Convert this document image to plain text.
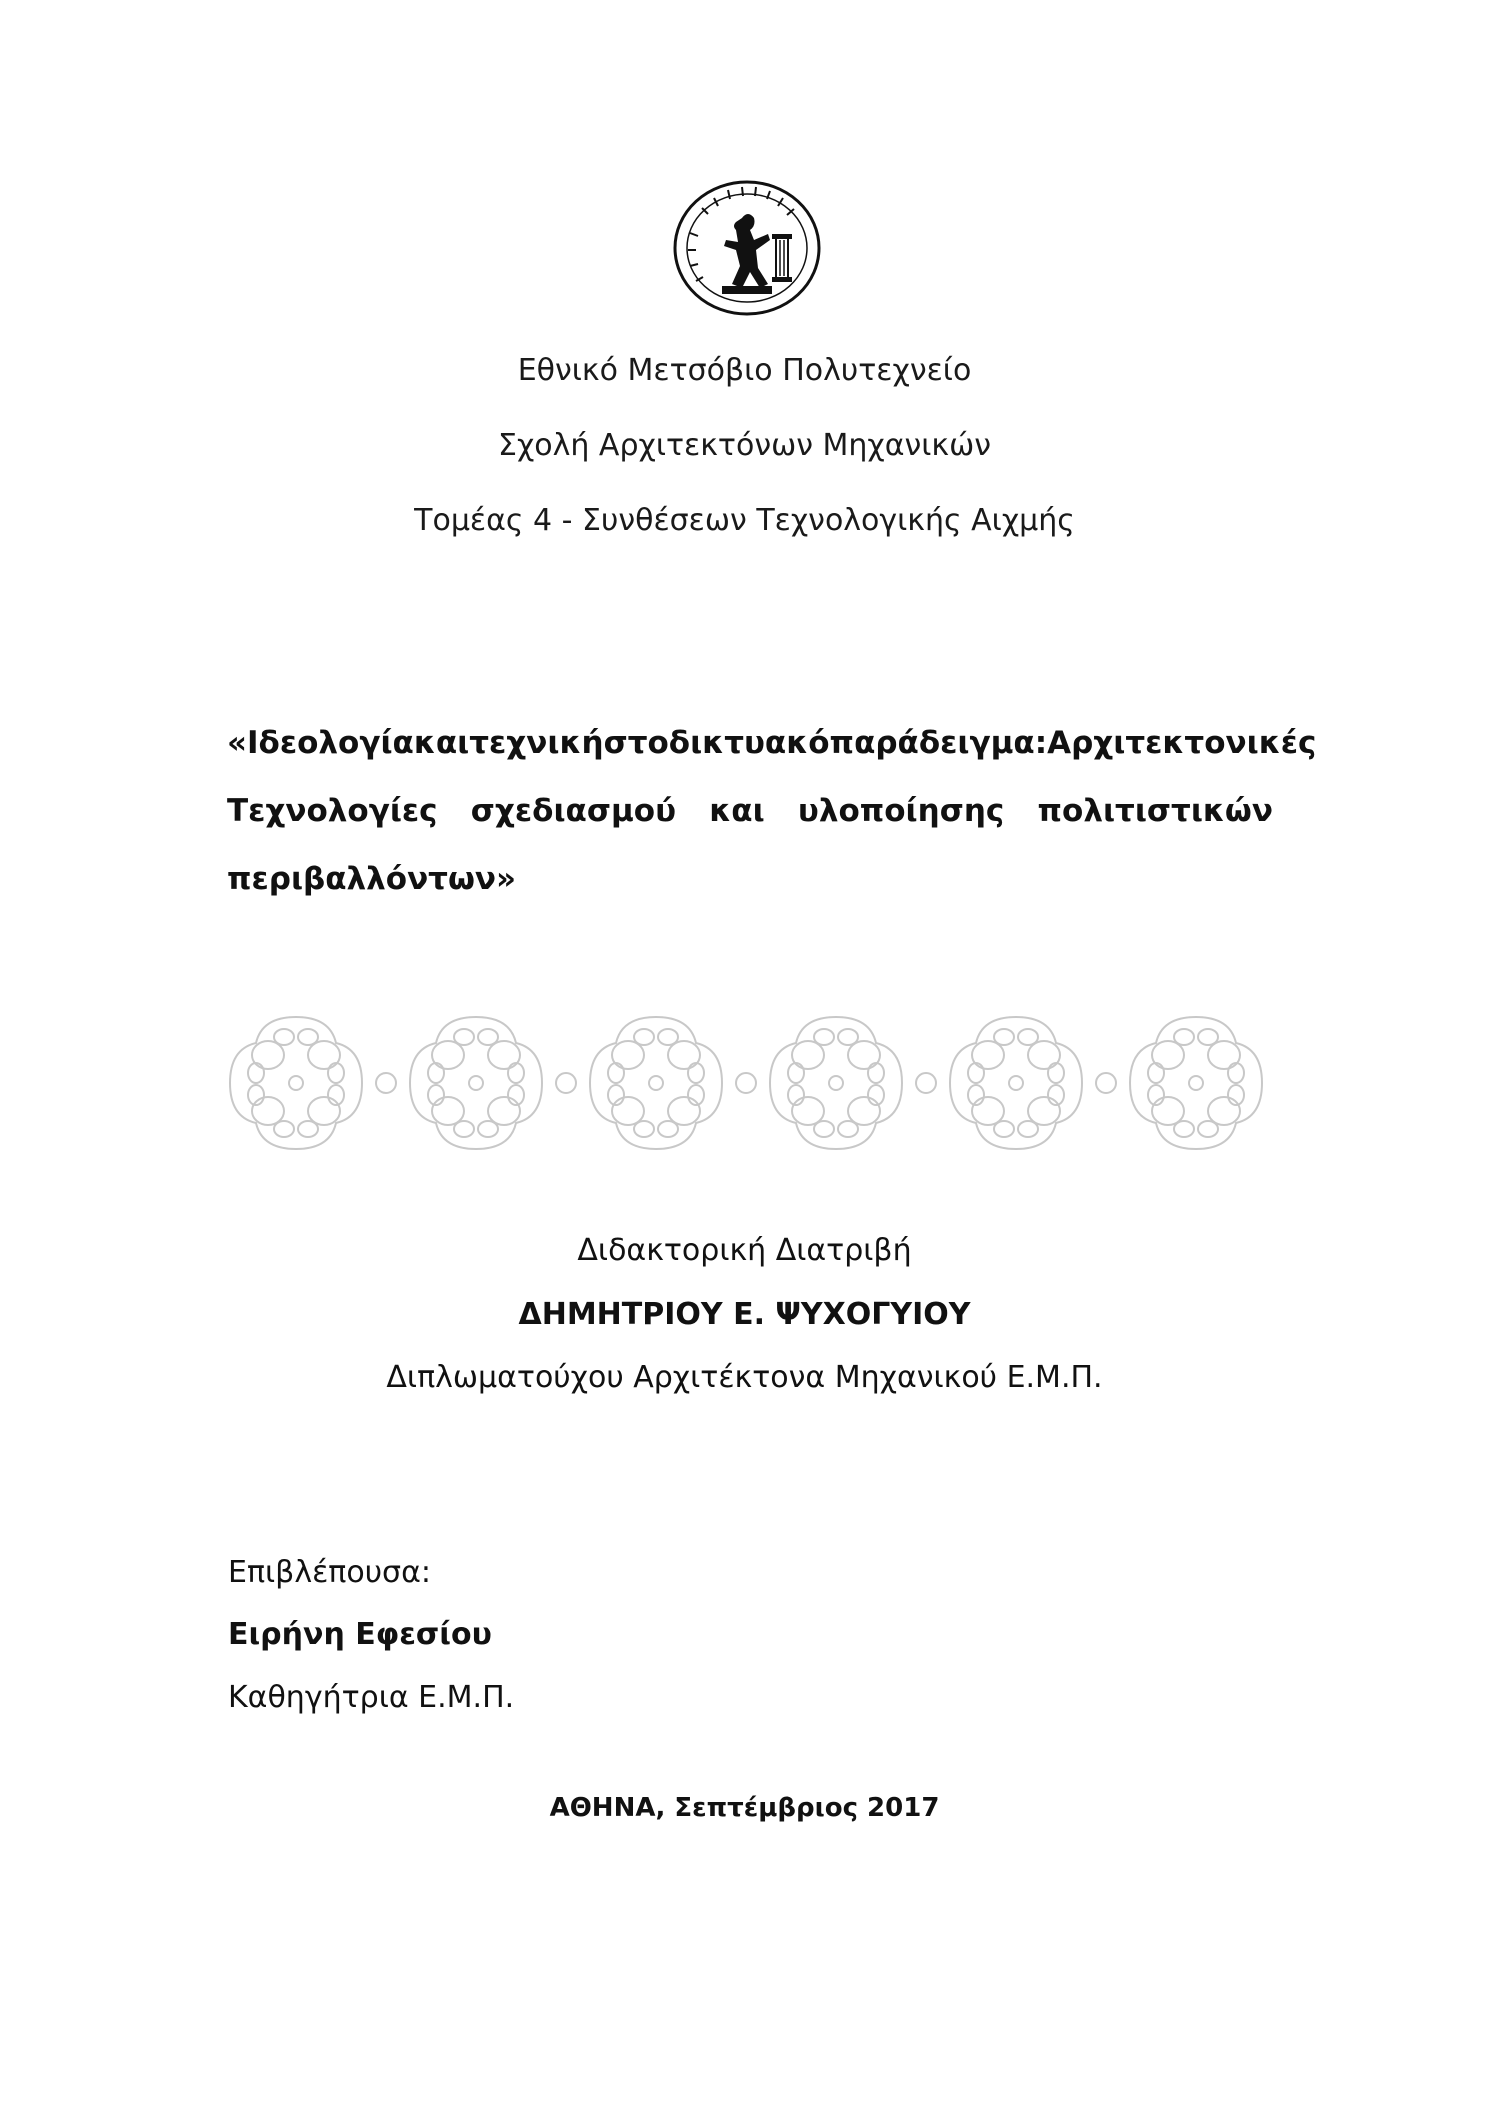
Εθνικό Μετσόβιο Πολυτεχνείο
Σχολή Αρχιτεκτόνων Μηχανικών
Τομέας 4 - Συνθέσεων Τεχνολογικής Αιχμής
«Ιδεολογία και τεχνική στο δικτυακό παράδειγμα: Αρχιτεκτονικές
Τεχνολογίες σχεδιασμού και υλοποίησης πολιτιστικών
περιβαλλόντων»
Διδακτορική Διατριβή
ΔΗΜΗΤΡΙΟΥ Ε. ΨΥΧΟΓΥΙΟΥ
Διπλωματούχου Αρχιτέκτονα Μηχανικού Ε.Μ.Π.
Επιβλέπουσα:
Ειρήνη Εφεσίου
Καθηγήτρια Ε.Μ.Π.
ΑΘΗΝΑ, Σεπτέμβριος 2017
